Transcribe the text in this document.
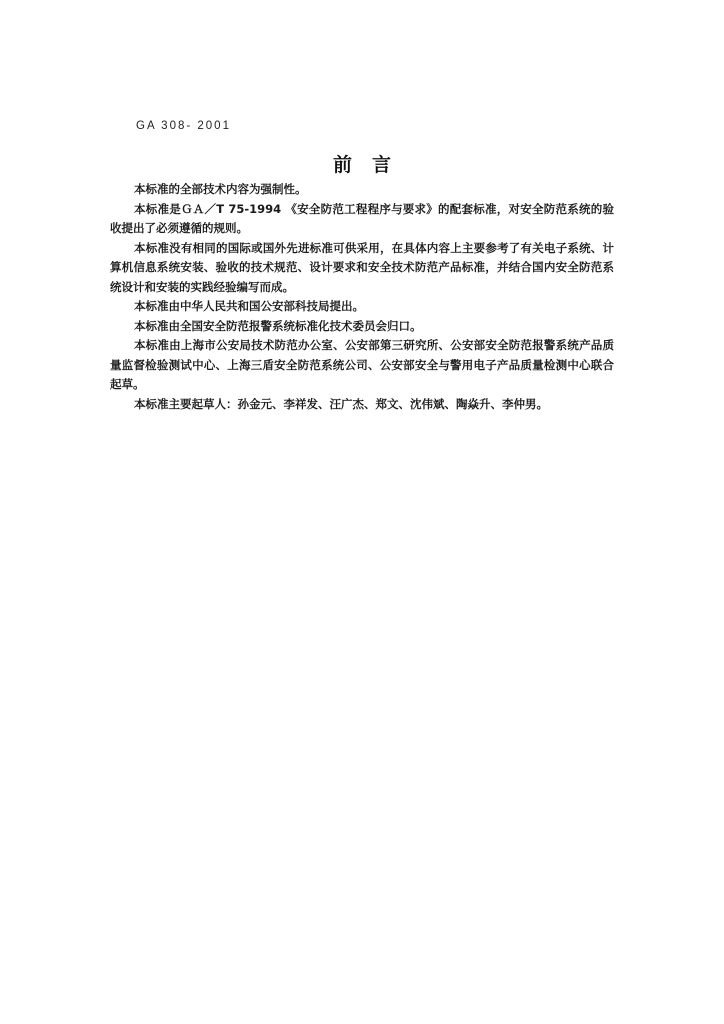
GA 308- 2001
前言

本标准的全部技术内容为强制性。

本标准是ＧＡ／T 75-1994 《安全防范工程程序与要求》的配套标准，对安全防范系统的验收提出了必须遵循的规则。

本标准没有相同的国际或国外先进标准可供采用，在具体内容上主要参考了有关电子系统、计算机信息系统安装、验收的技术规范、设计要求和安全技术防范产品标准，并结合国内安全防范系统设计和安装的实践经验编写而成。

本标准由中华人民共和国公安部科技局提出。

本标准由全国安全防范报警系统标准化技术委员会归口。

本标准由上海市公安局技术防范办公室、公安部第三研究所、公安部安全防范报警系统产品质量监督检验测试中心、上海三盾安全防范系统公司、公安部安全与警用电子产品质量检测中心联合起草。

本标准主要起草人：孙金元、李祥发、汪广杰、郑文、沈伟斌、陶焱升、李仲男。
